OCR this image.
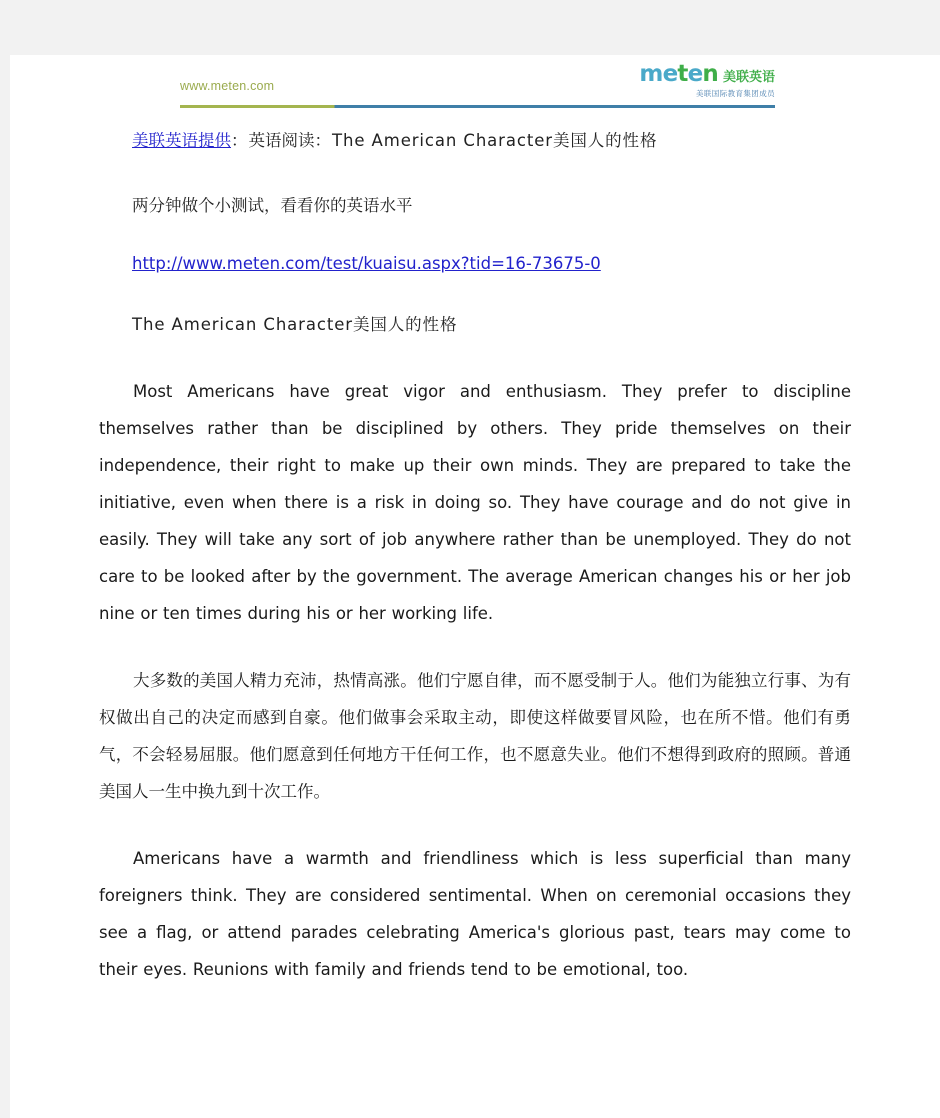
www.meten.com	meten 美联英语
美联国际教育集团成员
美联英语提供：英语阅读：The American Character美国人的性格
两分钟做个小测试，看看你的英语水平
http://www.meten.com/test/kuaisu.aspx?tid=16-73675-0
The American Character美国人的性格

Most Americans have great vigor and enthusiasm. They prefer to discipline themselves rather than be disciplined by others. They pride themselves on their independence, their right to make up their own minds. They are prepared to take the initiative, even when there is a risk in doing so. They have courage and do not give in easily. They will take any sort of job anywhere rather than be unemployed. They do not care to be looked after by the government. The average American changes his or her job nine or ten times during his or her working life.

大多数的美国人精力充沛，热情高涨。他们宁愿自律，而不愿受制于人。他们为能独立行事、为有权做出自己的决定而感到自豪。他们做事会采取主动，即使这样做要冒风险，也在所不惜。他们有勇气，不会轻易屈服。他们愿意到任何地方干任何工作，也不愿意失业。他们不想得到政府的照顾。普通美国人一生中换九到十次工作。

Americans have a warmth and friendliness which is less superficial than many foreigners think. They are considered sentimental. When on ceremonial occasions they see a flag, or attend parades celebrating America's glorious past, tears may come to their eyes. Reunions with family and friends tend to be emotional, too.
